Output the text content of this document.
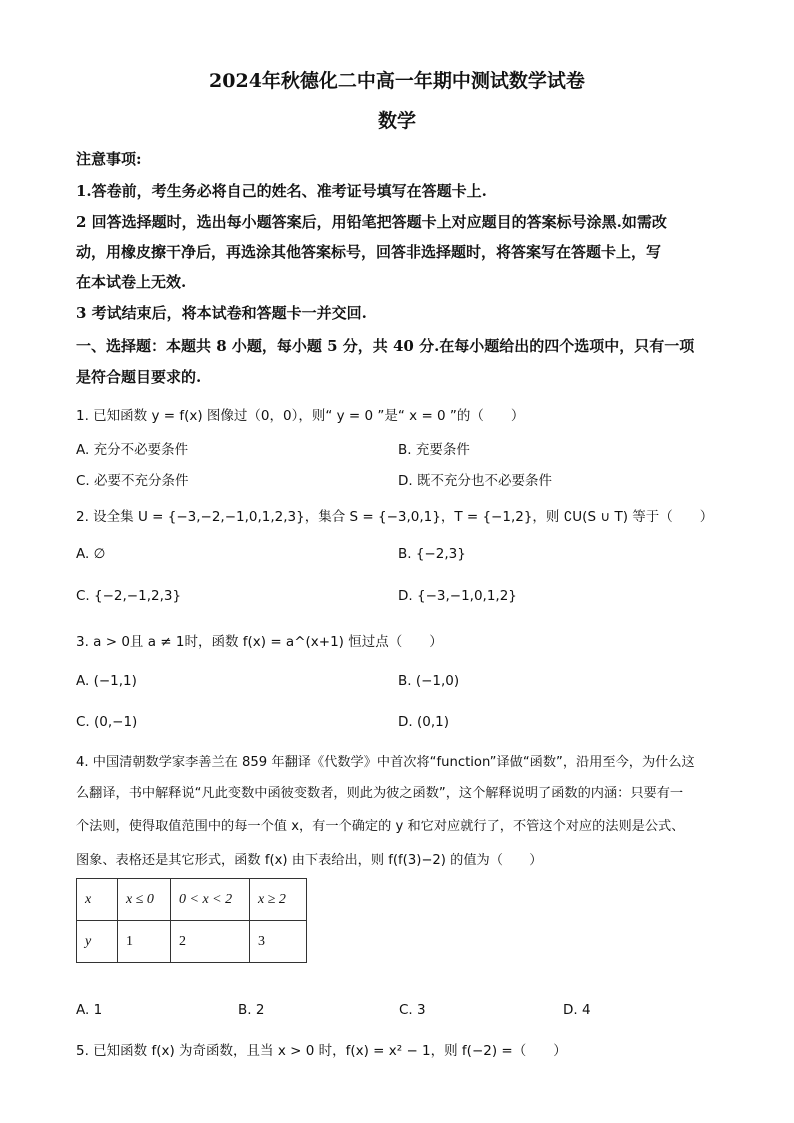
2024年秋德化二中高一年期中测试数学试卷
数学
注意事项:
1.答卷前，考生务必将自己的姓名、准考证号填写在答题卡上.
2 回答选择题时，选出每小题答案后，用铅笔把答题卡上对应题目的答案标号涂黑.如需改
动，用橡皮擦干净后，再选涂其他答案标号，回答非选择题时，将答案写在答题卡上，写
在本试卷上无效.
3 考试结束后，将本试卷和答题卡一并交回.
一、选择题：本题共 8 小题，每小题 5 分，共 40 分.在每小题给出的四个选项中，只有一项
是符合题目要求的.
1. 已知函数 y = f(x) 图像过（0，0），则“ y = 0 ”是“ x = 0 ”的（　　）
A. 充分不必要条件	B. 充要条件
C. 必要不充分条件	D. 既不充分也不必要条件
2. 设全集 U = {−3,−2,−1,0,1,2,3}，集合 S = {−3,0,1}，T = {−1,2}，则 ∁U(S ∪ T) 等于（　　）
A. ∅	B. {−2,3}
C. {−2,−1,2,3}	D. {−3,−1,0,1,2}
3. a > 0且 a ≠ 1时，函数 f(x) = a^(x+1) 恒过点（　　）
A. (−1,1)	B. (−1,0)
C. (0,−1)	D. (0,1)
4. 中国清朝数学家李善兰在 859 年翻译《代数学》中首次将“function”译做“函数”，沿用至今，为什么这
么翻译，书中解释说“凡此变数中函彼变数者，则此为彼之函数”，这个解释说明了函数的内涵：只要有一
个法则，使得取值范围中的每一个值 x，有一个确定的 y 和它对应就行了，不管这个对应的法则是公式、
图象、表格还是其它形式，函数 f(x) 由下表给出，则 f(f(3)−2) 的值为（　　）
x	x ≤ 0	0 < x < 2	x ≥ 2
y	1	2	3
A. 1	B. 2	C. 3	D. 4
5. 已知函数 f(x) 为奇函数，且当 x > 0 时，f(x) = x² − 1，则 f(−2) =（　　）
